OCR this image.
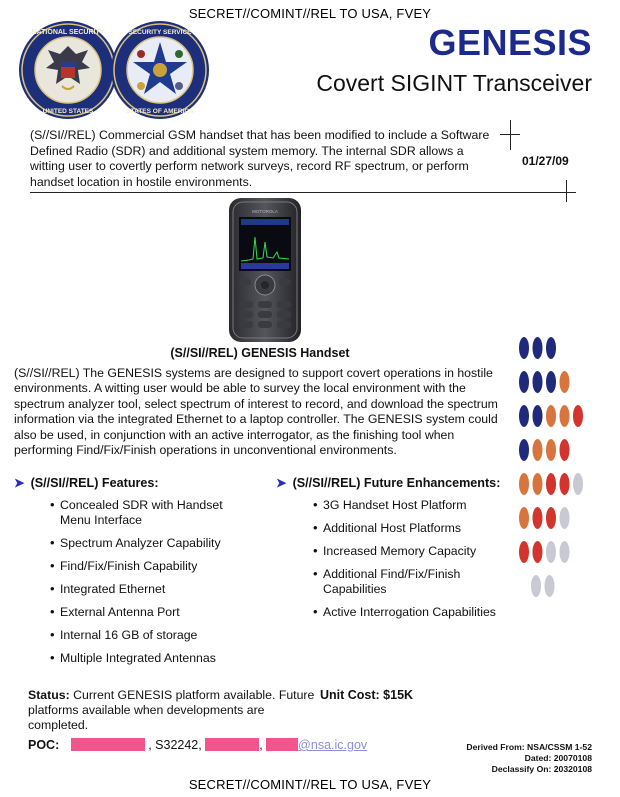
SECRET//COMINT//REL TO USA, FVEY
NATIONAL SECURITY
UNITED STATES
SECURITY SERVICE
STATES OF AMERICA
GENESIS
Covert SIGINT Transceiver
(S//SI//REL) Commercial GSM handset that has been modified to include a Software Defined Radio (SDR) and additional system memory. The internal SDR allows a witting user to covertly perform network surveys, record RF spectrum, or perform handset location in hostile environments.
01/27/09
MOTOROLA
(S//SI//REL) GENESIS Handset
(S//SI//REL) The GENESIS systems are designed to support covert operations in hostile environments. A witting user would be able to survey the local environment with the spectrum analyzer tool, select spectrum of interest to record, and download the spectrum information via the integrated Ethernet to a laptop controller. The GENESIS system could also be used, in conjunction with an active interrogator, as the finishing tool when performing Find/Fix/Finish operations in unconventional environments.
➤ (S//SI//REL) Features:
• Concealed SDR with Handset Menu Interface
• Spectrum Analyzer Capability
• Find/Fix/Finish Capability
• Integrated Ethernet
• External Antenna Port
• Internal 16 GB of storage
• Multiple Integrated Antennas
➤ (S//SI//REL) Future Enhancements:
• 3G Handset Host Platform
• Additional Host Platforms
• Increased Memory Capacity
• Additional Find/Fix/Finish Capabilities
• Active Interrogation Capabilities
Status: Current GENESIS platform available. Future platforms available when developments are completed.
Unit Cost: $15K
POC:	, S32242,	,	@nsa.ic.gov	Derived From: NSA/CSSM 1-52
Dated: 20070108
Declassify On: 20320108
SECRET//COMINT//REL TO USA, FVEY
